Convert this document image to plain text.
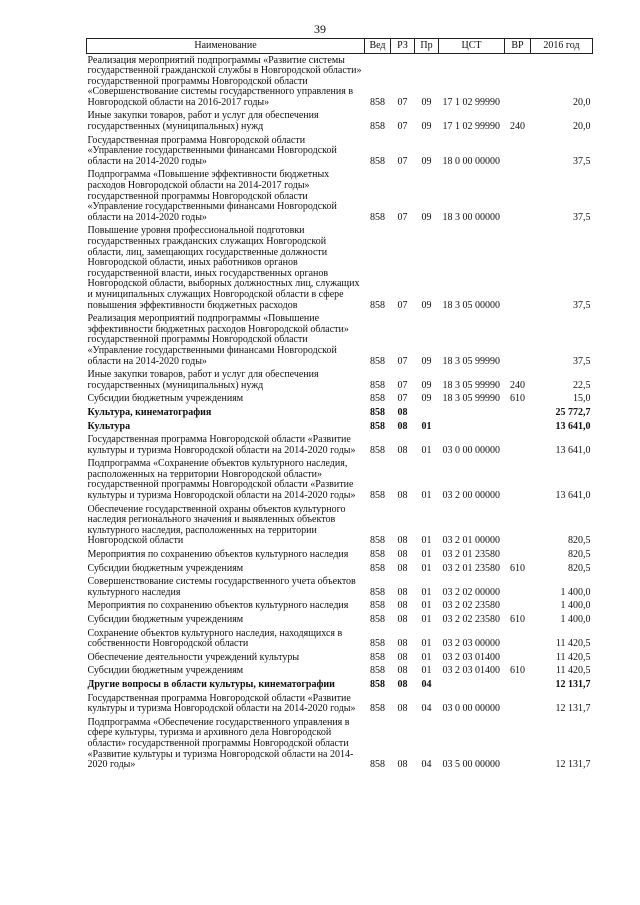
39
Наименование	Вед	РЗ	Пр	ЦСТ	ВР	2016 год
Реализация мероприятий подпрограммы «Развитие системы государственной гражданской службы в Новгородской области» государственной программы Новгородской области «Совершенствование системы государственного управления в Новгородской области на 2016-2017 годы»	858	07	09	17 1 02 99990		20,0
Иные закупки товаров, работ и услуг для обеспечения государственных (муниципальных) нужд	858	07	09	17 1 02 99990	240	20,0
Государственная программа Новгородской области «Управление государственными финансами Новгородской области на 2014-2020 годы»	858	07	09	18 0 00 00000		37,5
Подпрограмма «Повышение эффективности бюджетных расходов Новгородской области на 2014-2017 годы» государственной программы Новгородской области «Управление государственными финансами Новгородской области на 2014-2020 годы»	858	07	09	18 3 00 00000		37,5
Повышение уровня профессиональной подготовки государственных гражданских служащих Новгородской области, лиц, замещающих государственные должности Новгородской области, иных работников органов государственной власти, иных государственных органов Новгородской области, выборных должностных лиц, служащих и муниципальных служащих Новгородской области в сфере повышения эффективности бюджетных расходов	858	07	09	18 3 05 00000		37,5
Реализация мероприятий подпрограммы «Повышение эффективности бюджетных расходов Новгородской области» государственной программы Новгородской области «Управление государственными финансами Новгородской области на 2014-2020 годы»	858	07	09	18 3 05 99990		37,5
Иные закупки товаров, работ и услуг для обеспечения государственных (муниципальных) нужд	858	07	09	18 3 05 99990	240	22,5
Субсидии бюджетным учреждениям	858	07	09	18 3 05 99990	610	15,0
Культура, кинематография	858	08				25 772,7
Культура	858	08	01			13 641,0
Государственная программа Новгородской области «Развитие культуры и туризма Новгородской области на 2014-2020 годы»	858	08	01	03 0 00 00000		13 641,0
Подпрограмма «Сохранение объектов культурного наследия, расположенных на территории Новгородской области» государственной программы Новгородской области «Развитие культуры и туризма Новгородской области на 2014-2020 годы»	858	08	01	03 2 00 00000		13 641,0
Обеспечение государственной охраны объектов культурного наследия регионального значения и выявленных объектов культурного наследия, расположенных на территории Новгородской области	858	08	01	03 2 01 00000		820,5
Мероприятия по сохранению объектов культурного наследия	858	08	01	03 2 01 23580		820,5
Субсидии бюджетным учреждениям	858	08	01	03 2 01 23580	610	820,5
Совершенствование системы государственного учета объектов культурного наследия	858	08	01	03 2 02 00000		1 400,0
Мероприятия по сохранению объектов культурного наследия	858	08	01	03 2 02 23580		1 400,0
Субсидии бюджетным учреждениям	858	08	01	03 2 02 23580	610	1 400,0
Сохранение объектов культурного наследия, находящихся в собственности Новгородской области	858	08	01	03 2 03 00000		11 420,5
Обеспечение деятельности учреждений культуры	858	08	01	03 2 03 01400		11 420,5
Субсидии бюджетным учреждениям	858	08	01	03 2 03 01400	610	11 420,5
Другие вопросы в области культуры, кинематографии	858	08	04			12 131,7
Государственная программа Новгородской области «Развитие культуры и туризма Новгородской области на 2014-2020 годы»	858	08	04	03 0 00 00000		12 131,7
Подпрограмма «Обеспечение государственного управления в сфере культуры, туризма и архивного дела Новгородской области» государственной программы Новгородской области «Развитие культуры и туризма Новгородской области на 2014-2020 годы»	858	08	04	03 5 00 00000		12 131,7
